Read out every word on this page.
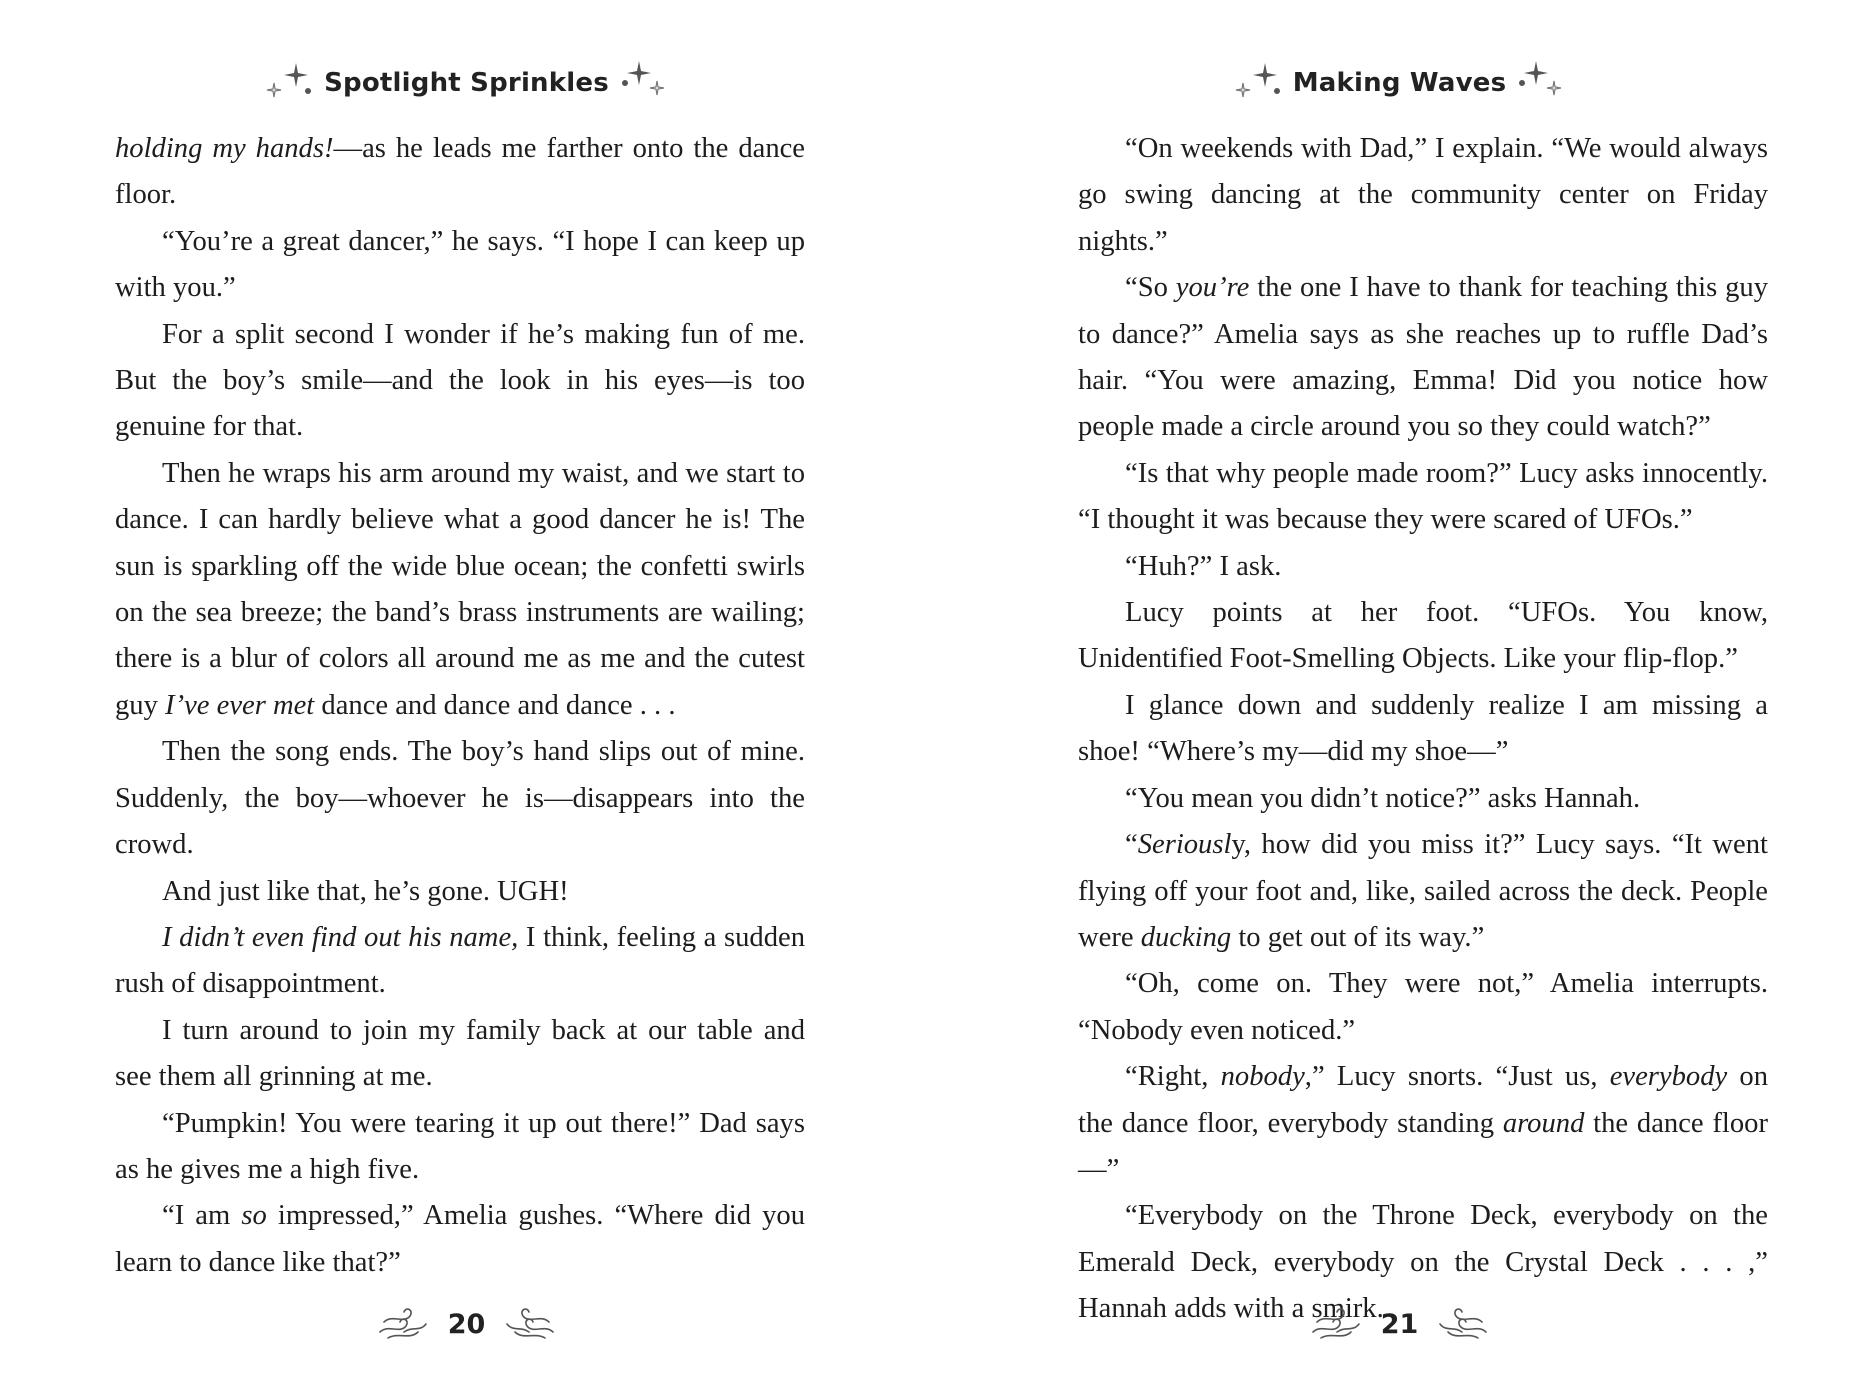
Spotlight Sprinkles

holding my hands!—as he leads me farther onto the dance floor.

“You’re a great dancer,” he says. “I hope I can keep up with you.”

For a split second I wonder if he’s making fun of me. But the boy’s smile—and the look in his eyes—is too genuine for that.

Then he wraps his arm around my waist, and we start to dance. I can hardly believe what a good dancer he is! The sun is sparkling off the wide blue ocean; the confetti swirls on the sea breeze; the band’s brass instruments are wailing; there is a blur of colors all around me as me and the cutest guy I’ve ever met dance and dance and dance . . .

Then the song ends. The boy’s hand slips out of mine. Suddenly, the boy—whoever he is—disappears into the crowd.

And just like that, he’s gone. UGH!

I didn’t even find out his name, I think, feeling a sudden rush of disappointment.

I turn around to join my family back at our table and see them all grinning at me.

“Pumpkin! You were tearing it up out there!” Dad says as he gives me a high five.

“I am so impressed,” Amelia gushes. “Where did you learn to dance like that?”

20
Making Waves

“On weekends with Dad,” I explain. “We would always go swing dancing at the community center on Friday nights.”

“So you’re the one I have to thank for teaching this guy to dance?” Amelia says as she reaches up to ruffle Dad’s hair. “You were amazing, Emma! Did you notice how people made a circle around you so they could watch?”

“Is that why people made room?” Lucy asks innocently. “I thought it was because they were scared of UFOs.”

“Huh?” I ask.

Lucy points at her foot. “UFOs. You know, Unidentified Foot-Smelling Objects. Like your flip-flop.”

I glance down and suddenly realize I am missing a shoe! “Where’s my—did my shoe—”

“You mean you didn’t notice?” asks Hannah.

“Seriously, how did you miss it?” Lucy says. “It went flying off your foot and, like, sailed across the deck. People were ducking to get out of its way.”

“Oh, come on. They were not,” Amelia interrupts. “Nobody even noticed.”

“Right, nobody,” Lucy snorts. “Just us, everybody on the dance floor, everybody standing around the dance floor—”

“Everybody on the Throne Deck, everybody on the Emerald Deck, everybody on the Crystal Deck . . . ,” Hannah adds with a smirk.

21
